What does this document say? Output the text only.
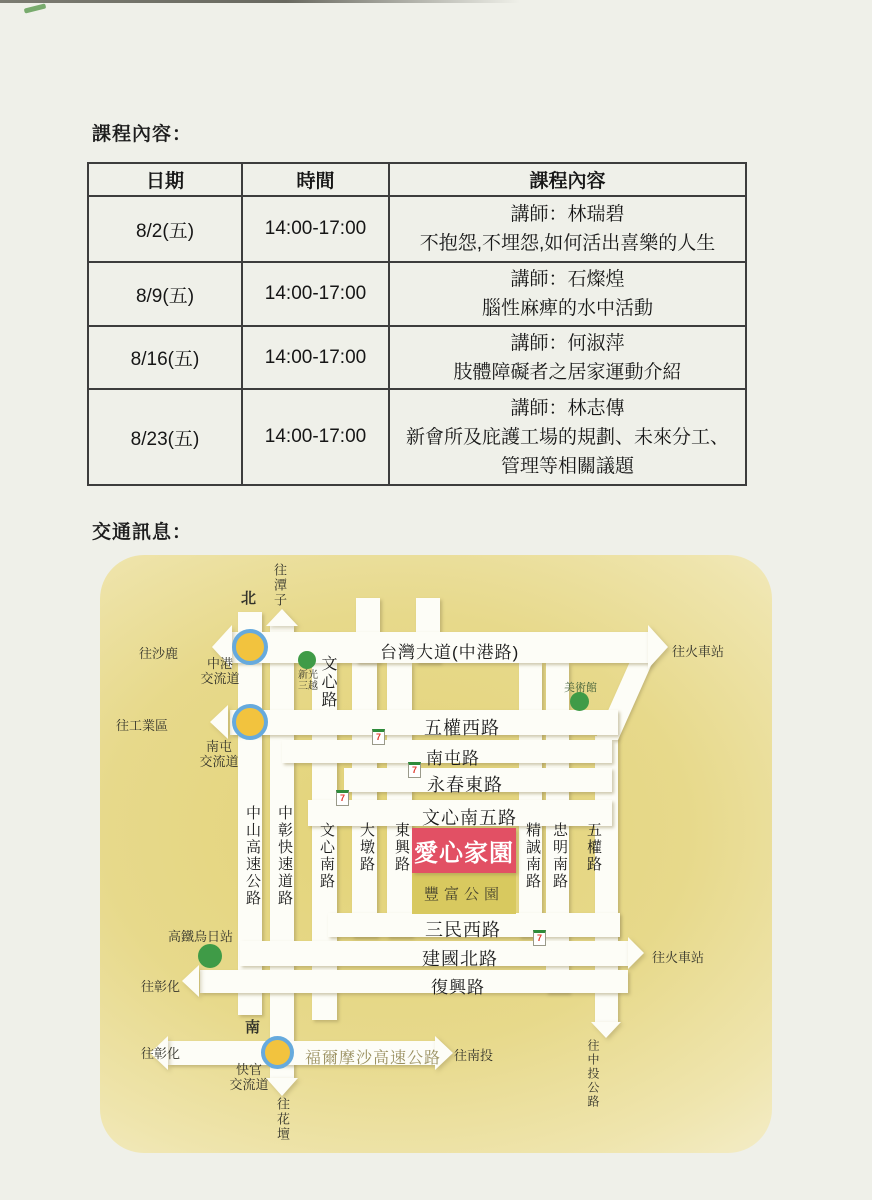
課程內容：
日期	時間	課程內容
8/2(五)	14:00-17:00	講師：林瑞碧
不抱怨,不埋怨,如何活出喜樂的人生

8/9(五)	14:00-17:00	講師：石燦煌
腦性麻痺的水中活動

8/16(五)	14:00-17:00	講師：何淑萍
肢體障礙者之居家運動介紹

8/23(五)	14:00-17:00	講師：林志傳
新會所及庇護工場的規劃、未來分工、
管理等相關議題
交通訊息：
愛心家園
豐富公園
7
7
7
7
台灣大道(中港路)
五權西路
南屯路
永春東路
文心南五路
三民西路
建國北路
復興路
福爾摩沙高速公路
文心路
中山高速公路 中彰快速道路 文心南路 大墩路 東興路	精誠南路 忠明南路 五權路
往潭子
北
往沙鹿	往火車站
往工業區
往彰化
往火車站
南
往彰化	往南投
往花壇
往中投公路
中港
交流道
南屯
交流道
快官
交流道
新光
三越	美術館
高鐵烏日站
